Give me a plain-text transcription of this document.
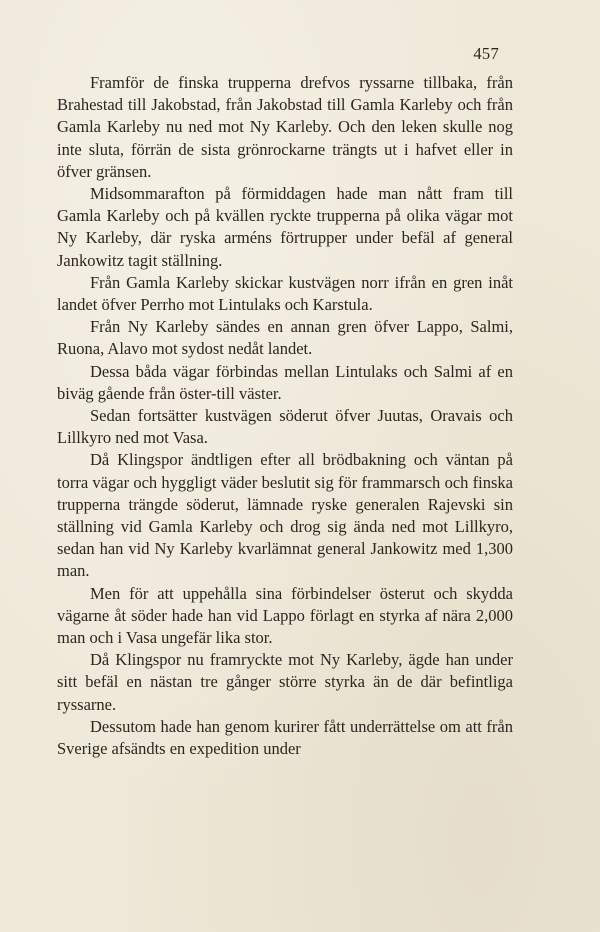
457

Framför de finska trupperna drefvos ryssarne tillbaka, från Brahestad till Jakobstad, från Jakobstad till Gamla Karleby och från Gamla Karleby nu ned mot Ny Karleby. Och den leken skulle nog inte sluta, förrän de sista grönrockarne trängts ut i hafvet eller in öfver gränsen.

Midsommarafton på förmiddagen hade man nått fram till Gamla Karleby och på kvällen ryckte trupperna på olika vägar mot Ny Karleby, där ryska arméns förtrupper under befäl af general Jankowitz tagit ställning.

Från Gamla Karleby skickar kustvägen norr ifrån en gren inåt landet öfver Perrho mot Lintulaks och Karstula.

Från Ny Karleby sändes en annan gren öfver Lappo, Salmi, Ruona, Alavo mot sydost nedåt landet.

Dessa båda vägar förbindas mellan Lintulaks och Salmi af en biväg gående från öster-till väster.

Sedan fortsätter kustvägen söderut öfver Juutas, Oravais och Lillkyro ned mot Vasa.

Då Klingspor ändtligen efter all brödbakning och väntan på torra vägar och hyggligt väder beslutit sig för frammarsch och finska trupperna trängde söderut, lämnade ryske generalen Rajevski sin ställning vid Gamla Karleby och drog sig ända ned mot Lillkyro, sedan han vid Ny Karleby kvarlämnat general Jankowitz med 1,300 man.

Men för att uppehålla sina förbindelser österut och skydda vägarne åt söder hade han vid Lappo förlagt en styrka af nära 2,000 man och i Vasa ungefär lika stor.

Då Klingspor nu framryckte mot Ny Karleby, ägde han under sitt befäl en nästan tre gånger större styrka än de där befintliga ryssarne.

Dessutom hade han genom kurirer fått underrättelse om att från Sverige afsändts en expedition under
